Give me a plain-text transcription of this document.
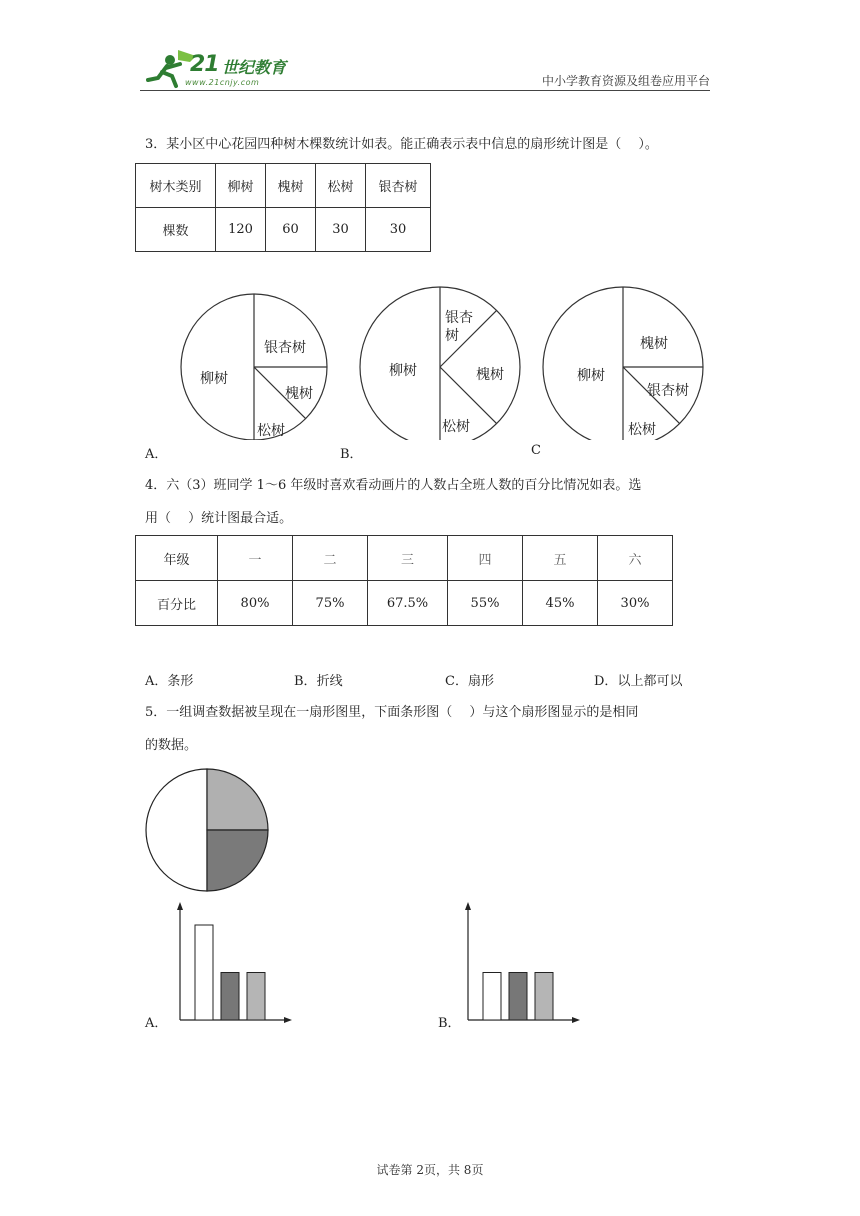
21 世纪教育
www.21cnjy.com	中小学教育资源及组卷应用平台
3．某小区中心花园四种树木棵数统计如表。能正确表示表中信息的扇形统计图是（　 ）。
树木类别	柳树	槐树	松树	银杏树
棵数	120	60	30	30
柳树
银杏树
槐树
松树
柳树
银杏
树
槐树
松树
柳树
槐树
银杏树
松树
A．	B．	C
4．六（3）班同学 1～6 年级时喜欢看动画片的人数占全班人数的百分比情况如表。选
用（　 ）统计图最合适。
年级	一	二	三	四	五	六
百分比	80%	75%	67.5%	55%	45%	30%
A．条形	B．折线	C．扇形	D．以上都可以
5．一组调查数据被呈现在一扇形图里，下面条形图（　 ）与这个扇形图显示的是相同
的数据。
A．	B．
试卷第 2页，共 8页
